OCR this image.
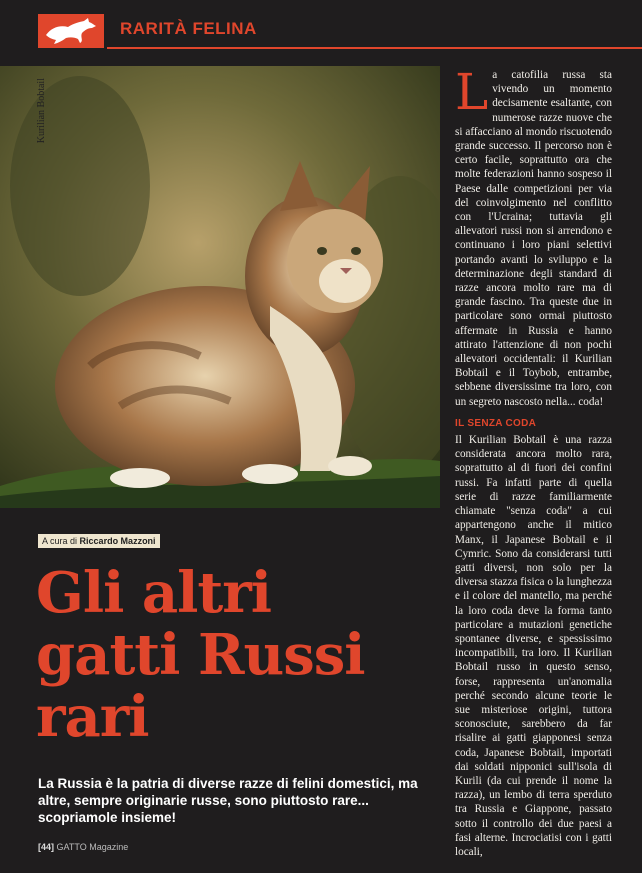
RARITÀ FELINA
Kurilian Bobtail
A cura di Riccardo Mazzoni
Gli altri
gatti Russi
rari
La Russia è la patria di diverse razze di felini domestici, ma altre, sempre originarie russe, sono piuttosto rare... scopriamole insieme!
[44] GATTO Magazine
L a catofilia russa sta vivendo un momento decisamente esaltante, con numerose razze nuove che si affacciano al mondo riscuotendo grande successo. Il percorso non è certo facile, soprattutto ora che molte federazioni hanno sospeso il Paese dalle competizioni per via del coinvolgimento nel conflitto con l'Ucraina; tuttavia gli allevatori russi non si arrendono e continuano i loro piani selettivi portando avanti lo sviluppo e la determinazione degli standard di razze ancora molto rare ma di grande fascino. Tra queste due in particolare sono ormai piuttosto affermate in Russia e hanno attirato l'attenzione di non pochi allevatori occidentali: il Kurilian Bobtail e il Toybob, entrambe, sebbene diversissime tra loro, con un segreto nascosto nella... coda!

IL SENZA CODA

Il Kurilian Bobtail è una razza considerata ancora molto rara, soprattutto al di fuori dei confini russi. Fa infatti parte di quella serie di razze familiarmente chiamate "senza coda" a cui appartengono anche il mitico Manx, il Japanese Bobtail e il Cymric. Sono da considerarsi tutti gatti diversi, non solo per la diversa stazza fisica o la lunghezza e il colore del mantello, ma perché la loro coda deve la forma tanto particolare a mutazioni genetiche spontanee diverse, e spessissimo incompatibili, tra loro. Il Kurilian Bobtail russo in questo senso, forse, rappresenta un'anomalia perché secondo alcune teorie le sue misteriose origini, tuttora sconosciute, sarebbero da far risalire ai gatti giapponesi senza coda, Japanese Bobtail, importati dai soldati nipponici sull'isola di Kurili (da cui prende il nome la razza), un lembo di terra sperduto tra Russia e Giappone, passato sotto il controllo dei due paesi a fasi alterne. Incrociatisi con i gatti locali,
